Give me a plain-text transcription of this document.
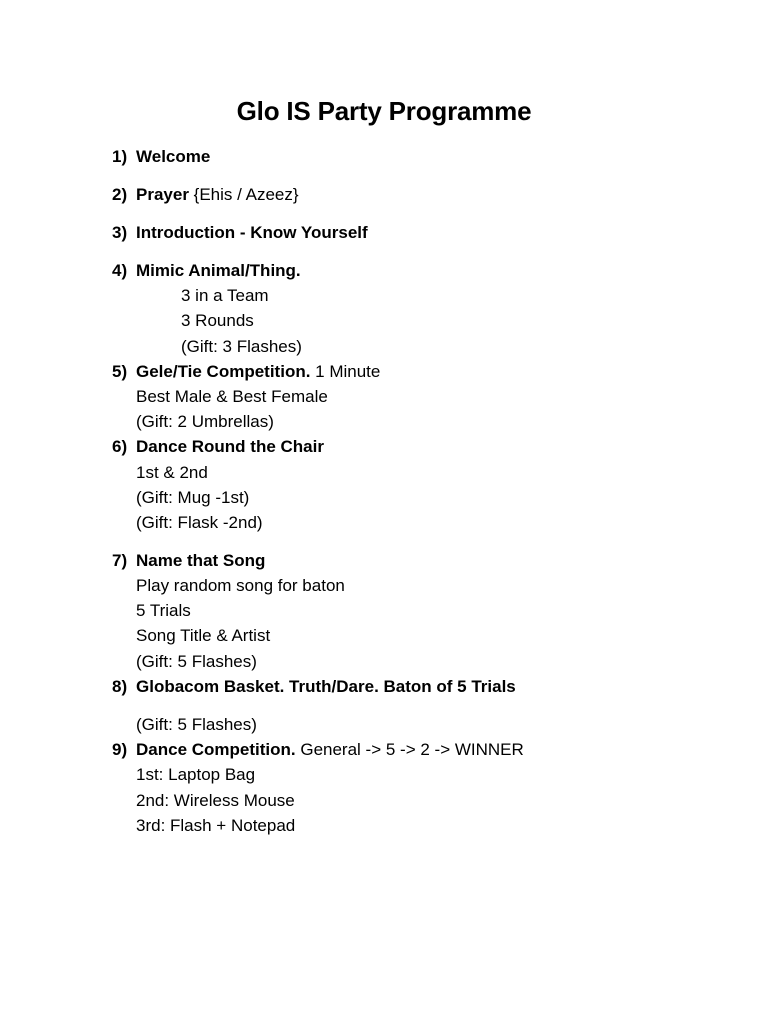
Glo IS Party Programme
1) Welcome
2) Prayer {Ehis / Azeez}
3) Introduction - Know Yourself
4) Mimic Animal/Thing.
3 in a Team
3 Rounds
(Gift: 3 Flashes)
5) Gele/Tie Competition. 1 Minute
Best Male & Best Female
(Gift: 2 Umbrellas)
6) Dance Round the Chair
1st & 2nd
(Gift: Mug -1st)
(Gift: Flask -2nd)
7) Name that Song
Play random song for baton
5 Trials
Song Title & Artist
(Gift: 5 Flashes)
8) Globacom Basket. Truth/Dare. Baton of 5 Trials
(Gift: 5 Flashes)
9) Dance Competition. General -> 5 -> 2 -> WINNER
1st: Laptop Bag
2nd: Wireless Mouse
3rd: Flash + Notepad
